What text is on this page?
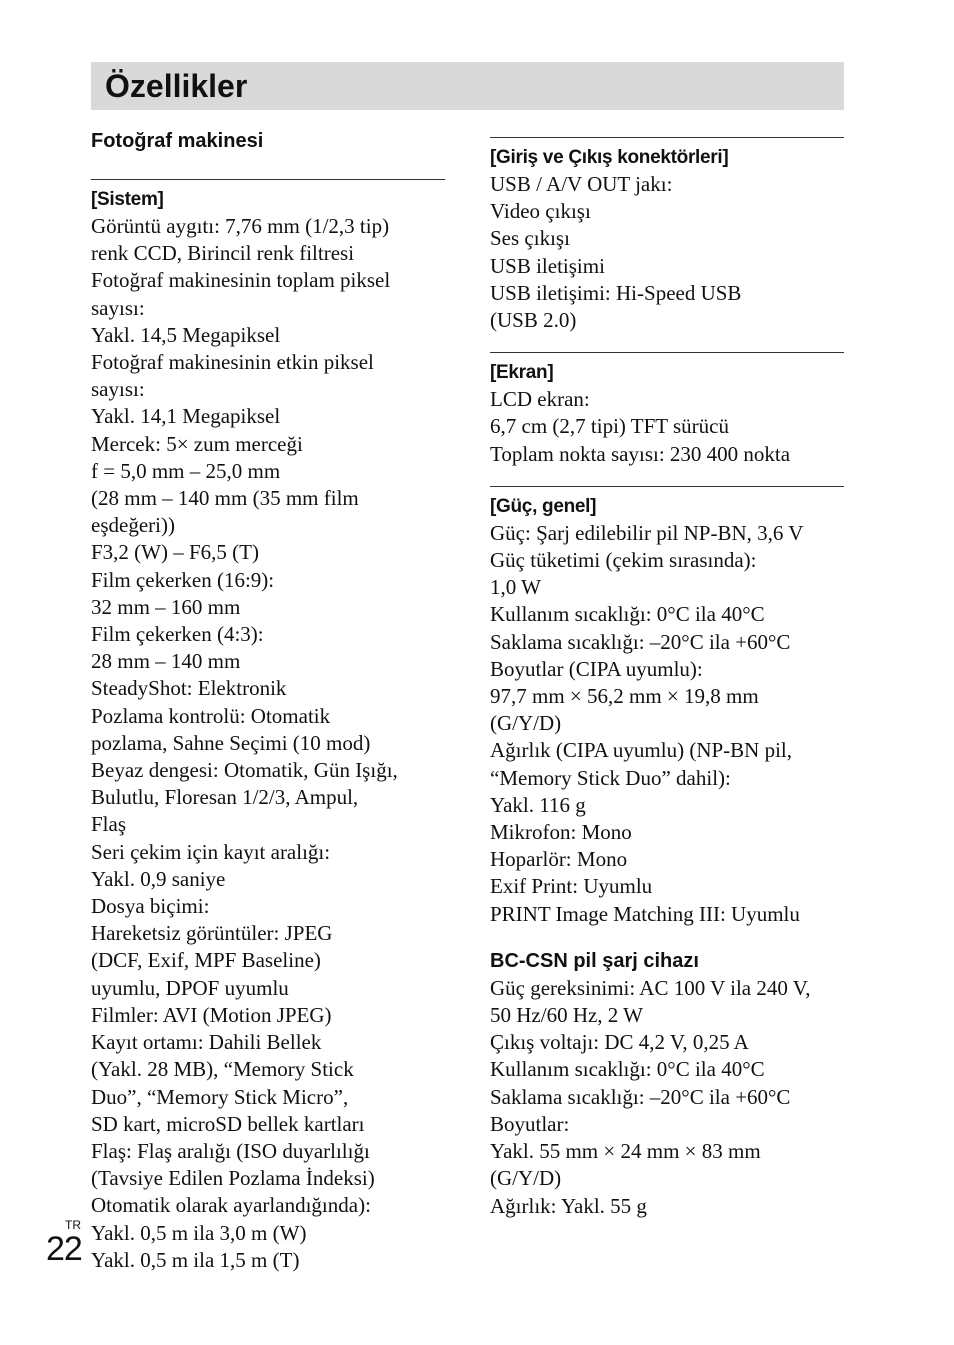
Özellikler
Fotoğraf makinesi
[Sistem]

Görüntü aygıtı: 7,76 mm (1/2,3 tip)
renk CCD, Birincil renk filtresi

Fotoğraf makinesinin toplam piksel
sayısı:
Yakl. 14,5 Megapiksel

Fotoğraf makinesinin etkin piksel
sayısı:
Yakl. 14,1 Megapiksel

Mercek: 5× zum merceği
f = 5,0 mm – 25,0 mm
(28 mm – 140 mm (35 mm film
eşdeğeri))
F3,2 (W) – F6,5 (T)
Film çekerken (16:9):
32 mm – 160 mm
Film çekerken (4:3):
28 mm – 140 mm

SteadyShot: Elektronik

Pozlama kontrolü: Otomatik
pozlama, Sahne Seçimi (10 mod)

Beyaz dengesi: Otomatik, Gün Işığı,
Bulutlu, Floresan 1/2/3, Ampul,
Flaş

Seri çekim için kayıt aralığı:
Yakl. 0,9 saniye

Dosya biçimi:
Hareketsiz görüntüler: JPEG
(DCF, Exif, MPF Baseline)
uyumlu, DPOF uyumlu
Filmler: AVI (Motion JPEG)

Kayıt ortamı: Dahili Bellek
(Yakl. 28 MB), “Memory Stick
Duo”, “Memory Stick Micro”,
SD kart, microSD bellek kartları

Flaş: Flaş aralığı (ISO duyarlılığı
(Tavsiye Edilen Pozlama İndeksi)
Otomatik olarak ayarlandığında):
Yakl. 0,5 m ila 3,0 m (W)
Yakl. 0,5 m ila 1,5 m (T)

[Giriş ve Çıkış konektörleri]

USB / A/V OUT jakı:
Video çıkışı
Ses çıkışı
USB iletişimi

USB iletişimi: Hi-Speed USB
(USB 2.0)

[Ekran]

LCD ekran:
6,7 cm (2,7 tipi) TFT sürücü

Toplam nokta sayısı: 230 400 nokta

[Güç, genel]

Güç: Şarj edilebilir pil NP-BN, 3,6 V

Güç tüketimi (çekim sırasında):
1,0 W

Kullanım sıcaklığı: 0°C ila 40°C

Saklama sıcaklığı: –20°C ila +60°C

Boyutlar (CIPA uyumlu):
97,7 mm × 56,2 mm × 19,8 mm
(G/Y/D)

Ağırlık (CIPA uyumlu) (NP-BN pil,
“Memory Stick Duo” dahil):
Yakl. 116 g

Mikrofon: Mono

Hoparlör: Mono

Exif Print: Uyumlu

PRINT Image Matching III: Uyumlu

BC-CSN pil şarj cihazı

Güç gereksinimi: AC 100 V ila 240 V,
50 Hz/60 Hz, 2 W

Çıkış voltajı: DC 4,2 V, 0,25 A

Kullanım sıcaklığı: 0°C ila 40°C

Saklama sıcaklığı: –20°C ila +60°C

Boyutlar:
Yakl. 55 mm × 24 mm × 83 mm
(G/Y/D)

Ağırlık: Yakl. 55 g

TR
22
